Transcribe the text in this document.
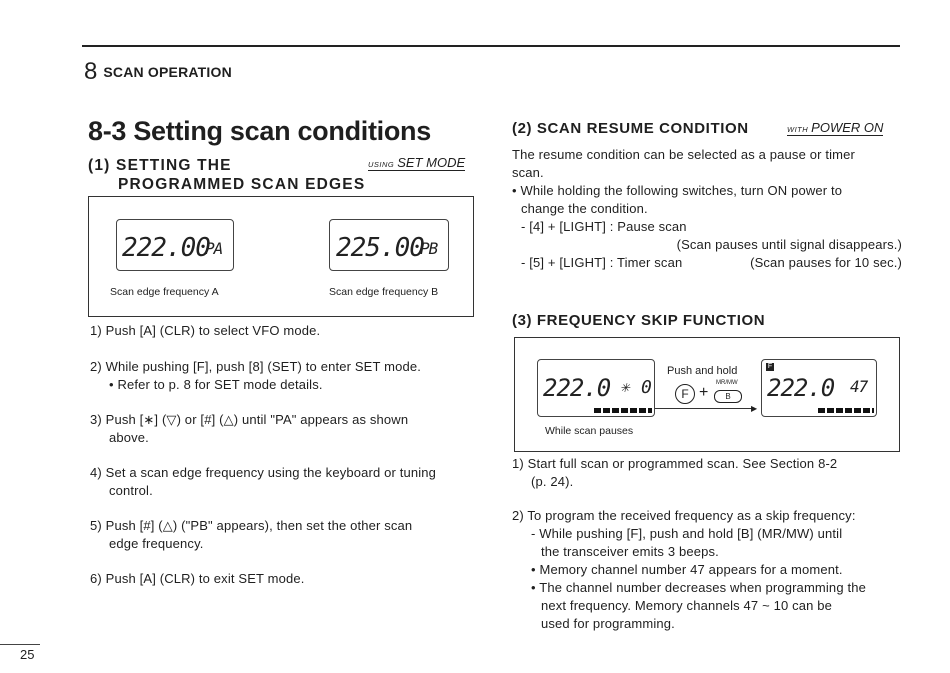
8 SCAN OPERATION
8-3 Setting scan conditions
(1) SETTING THE
PROGRAMMED SCAN EDGES
USING SET MODE
222.00
PA
Scan edge frequency A
225.00
PB
Scan edge frequency B

1) Push [A] (CLR) to select VFO mode.

2) While pushing [F], push [8] (SET) to enter SET mode.

• Refer to p. 8 for SET mode details.

3) Push [∗] (▽) or [#] (△) until "PA" appears as shown

above.

4) Set a scan edge frequency using the keyboard or tuning

control.

5) Push [#] (△) ("PB" appears), then set the other scan

edge frequency.

6) Push [A] (CLR) to exit SET mode.

(2) SCAN RESUME CONDITION	WITH POWER ON
The resume condition can be selected as a pause or timer
scan.
• While holding the following switches, turn ON power to
change the condition.
- [4] + [LIGHT] : Pause scan
(Scan pauses until signal disappears.)
- [5] + [LIGHT] : Timer scan	(Scan pauses for 10 sec.)
(3) FREQUENCY SKIP FUNCTION
222.0 ✳ 0
While scan pauses
Push and hold
F +
MR/MW
B
▶
F
222.0 47
1) Start full scan or programmed scan. See Section 8-2
(p. 24).
2) To program the received frequency as a skip frequency:
- While pushing [F], push and hold [B] (MR/MW) until
the transceiver emits 3 beeps.
• Memory channel number 47 appears for a moment.
• The channel number decreases when programming the
next frequency. Memory channels 47 ~ 10 can be
used for programming.
25
